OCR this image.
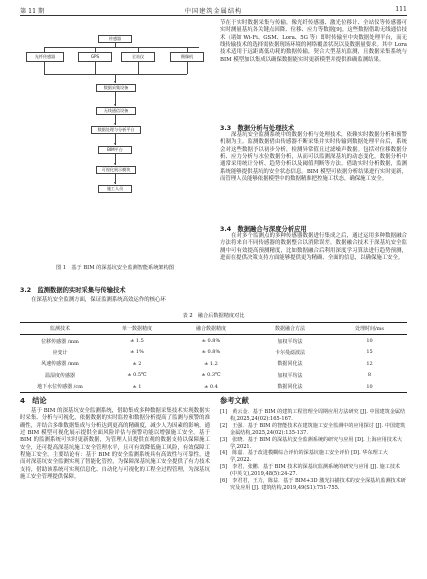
第 11 期	中国建筑金属结构	111
传感器
光纤传感器	GPS	全站仪	摄像机
数据采集设备
无线通信设备
数据处理与分析平台
BIM平台
可视化展示模块
施工人员
图 1　基于 BIM 的深基坑安全监测智能系统架构图
3.2　监测数据的实时采集与传输技术

在深基坑安全监测方面，保证监测系统高效运作的核心环

节在于实时数据采集与传输。像光纤传感器、激光位移计、全站仪等传感器可实时测量基坑各关键点因降、位移、应力等数据[9]。这些数据借助无线通信技术（诸如 Wi-Fi、GSM、Lora、5G 等）即时传输至中央数据处理平台，而无线传输技术的选择需依据现场环境的网络覆盖状况以及数据量要求。其中 Lora 技术适用于远距离低功耗的数据传输，契合大型基坑监测，且数据采集系统与 BIM 模型加以集成以确保数据能实时更新模型并提供准确监测结果。

3.3　数据分析与处理技术

深基坑安全监测系统中的数据分析与处理技术，依赖实时数据分析和预警机制为主。监测数据借由传感器不断采集并实时传输到数据处理平台后，系统会对这些数据予以初步分析，检测异常值且过滤噪声数据。包括对位移数据分析、应力分析与水位数据分析，从而可以监测深基坑的动态变化。数据分析中通常采用统计分析、趋势分析以及阈值判断等方法。借助实时分析数据，监测系统能够提供基坑的安全状态信息。BIM 模型可依据分析结果进行实时更新，而管理人员能够依据模型中的数据精准把控施工状态，确保施工安全。

3.4　数据融合与深度分析应用

在对多个监测点的多种传感器数据进行集成之后，通过运用多种数据融合方法将来自不同传感器的数据整合以消除误差。数据融合技术于深基坑安全监测中可有效提高预测精度，比如数据融合后利用深度学习算法进行趋势预测，进而在提供决策支持方面能够提供更为精确、全面的信息，以确保施工安全。

表 2　融合后数据精度对比
监测技术	单一数据精度	融合数据精度	数据融合方法	处理时间/ms
位移传感器 /mm	± 1.5	± 0.8%	加权平均法	10
应变计	± 1%	± 0.8%	卡尔曼滤波法	15
风速传感器 /mm	± 2	± 1.2	数据同化法	12
温湿度传感器	± 0.5℃	± 0.3℃	加权平均法	8
地下水位传感器 /cm	± 1	± 0.4	数据同化法	10
4　结论

基于 BIM 的深基坑安全监测系统，借助集成多种数据采集技术实现数据实时采集、分析与可视化，依据数据的实时监控和数据分析提高了监测与预警的准确性，并结合多维数据集成与分析达到更高的精确度，减少人为因素的影响。通过 BIM 模型可视化展示提供全面风险评估与预警功能以增强施工安全。基于 BIM 的监测系统可实时更新数据，为管理人员提供直观的数据支持以保障施工安全，还可提高深基坑施工安全管理水平，且可有效降低施工风险，有效保障工程施工安全。主要结论有：基于 BIM 的安全监测系统具有高效性与可靠性，进而对深基坑安全监测实现了智能化管控，为保障深基坑施工安全提供了有力技术支持，借助该系统可实现信息化、自动化与可视化的工程全过程管理，为深基坑施工安全管理提供保障。

参考文献
[1]　黄云金．基于 BIM 的建筑工程管理全周期应用方法研究 [J]. 中国建筑金属结构,2025,24(02):165-167.
[2]　王强．基于 BIM 的智能技术在建筑施工安全监测中的应用探讨 [J]. 中国建筑金属结构,2025,24(02):135-137.
[3]　张晓．基于 BIM 的深基坑安全监测系统的研究与应用 [D]. 上海应用技术大学,2021.
[4]　陈嘉．基于改进模糊综合评价的深基坑施工安全评价 [D]. 华东理工大学,2022.
[5]　李君，张鹏．基于 BIM 技术的深基坑监测系统的研究与应用 [J]. 施工技术(中英文),2019,48(5):24-27.
[6]　李君君，王力，陈益．基于 BIM+3D 激光扫描技术的安全深基坑监测技术研究及应用 [J]. 建筑结构,2019,49(S1):751-755.
